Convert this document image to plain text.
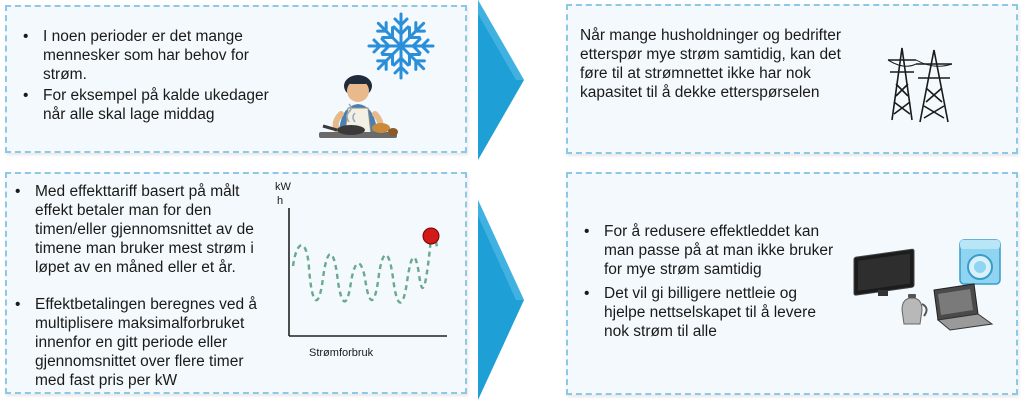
• I noen perioder er det mange mennesker som har behov for strøm.
• For eksempel på kalde ukedager når alle skal lage middag
Når mange husholdninger og bedrifter etterspør mye strøm samtidig, kan det føre til at strømnettet ikke har nok kapasitet til å dekke etterspørselen
• Med effekttariff basert på målt effekt betaler man for den timen/eller gjennomsnittet av de timene man bruker mest strøm i løpet av en måned eller et år.
• Effektbetalingen beregnes ved å multiplisere maksimalforbruket innenfor en gitt periode eller gjennomsnittet over flere timer med fast pris per kW
kW
h
Strømforbruk
• For å redusere effektleddet kan man passe på at man ikke bruker for mye strøm samtidig
• Det vil gi billigere nettleie og hjelpe nettselskapet til å levere nok strøm til alle
